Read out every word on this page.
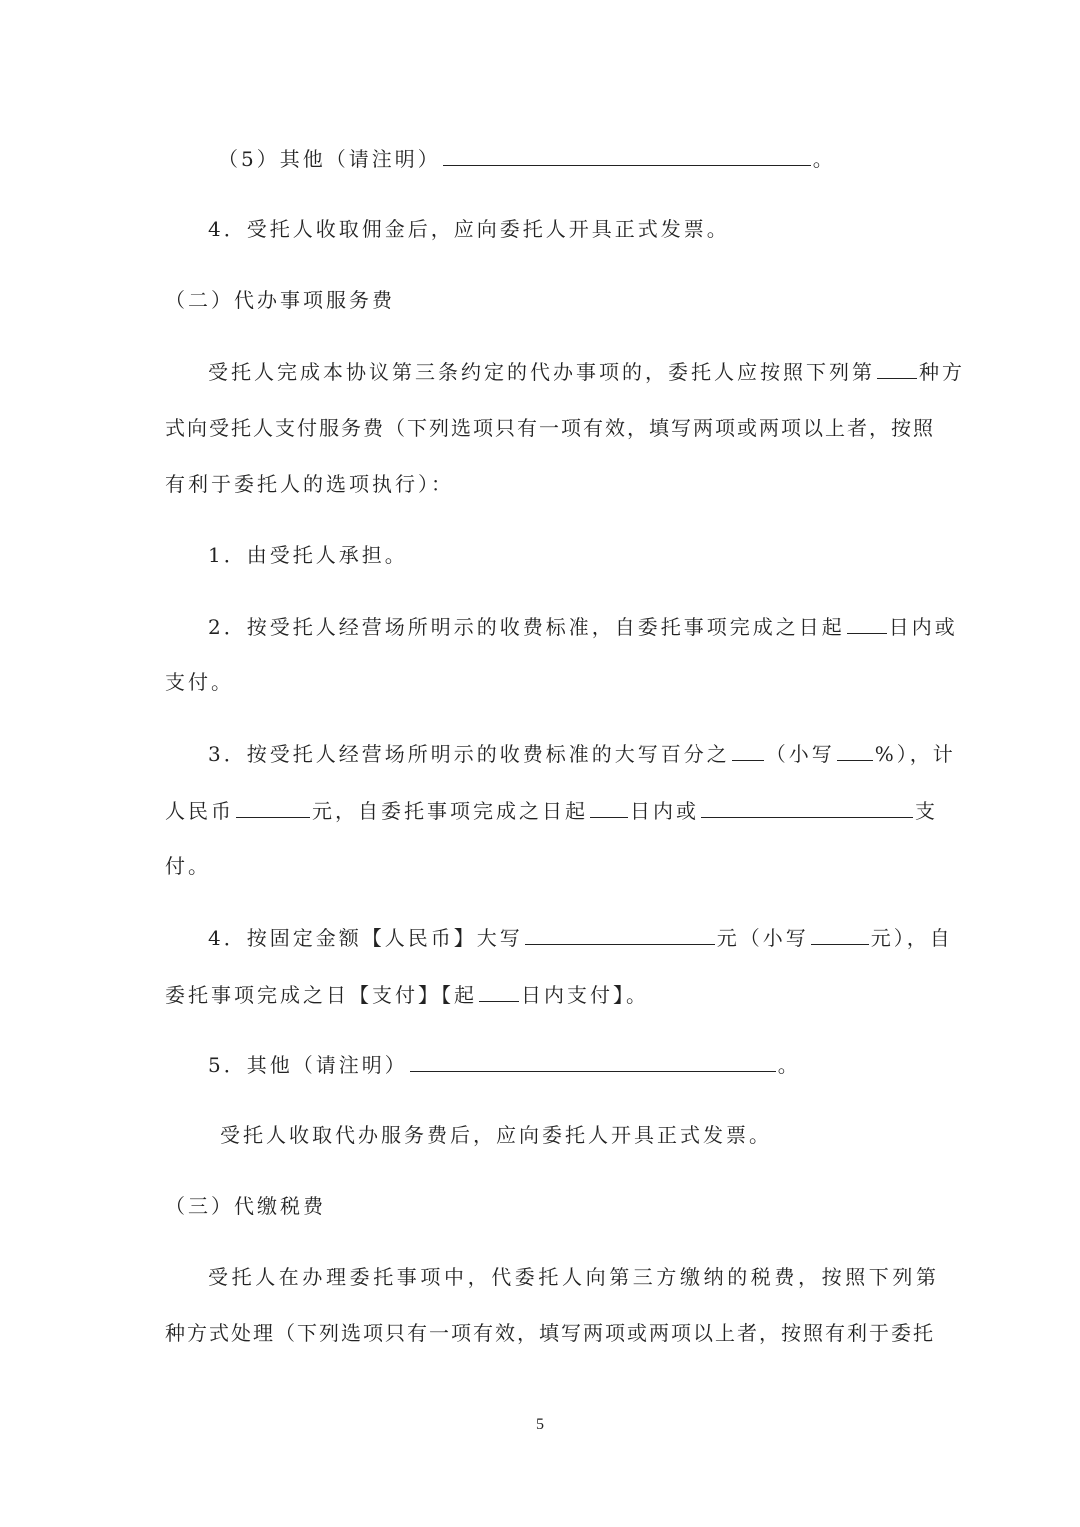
（5）其他（请注明）	。
4．受托人收取佣金后，应向委托人开具正式发票。
（二）代办事项服务费
受托人完成本协议第三条约定的代办事项的，委托人应按照下列第 种方
式向受托人支付服务费（下列选项只有一项有效，填写两项或两项以上者，按照
有利于委托人的选项执行）：
1．由受托人承担。
2．按受托人经营场所明示的收费标准，自委托事项完成之日起 日内或
支付。
3．按受托人经营场所明示的收费标准的大写百分之 （小写 %），计
人民币	元，自委托事项完成之日起 日内或	支
付。
4．按固定金额【人民币】大写	元（小写	元），自
委托事项完成之日【支付】【起 日内支付】。
5．其他（请注明）	。
受托人收取代办服务费后，应向委托人开具正式发票。
（三）代缴税费
受托人在办理委托事项中，代委托人向第三方缴纳的税费，按照下列第
种方式处理（下列选项只有一项有效，填写两项或两项以上者，按照有利于委托
5
